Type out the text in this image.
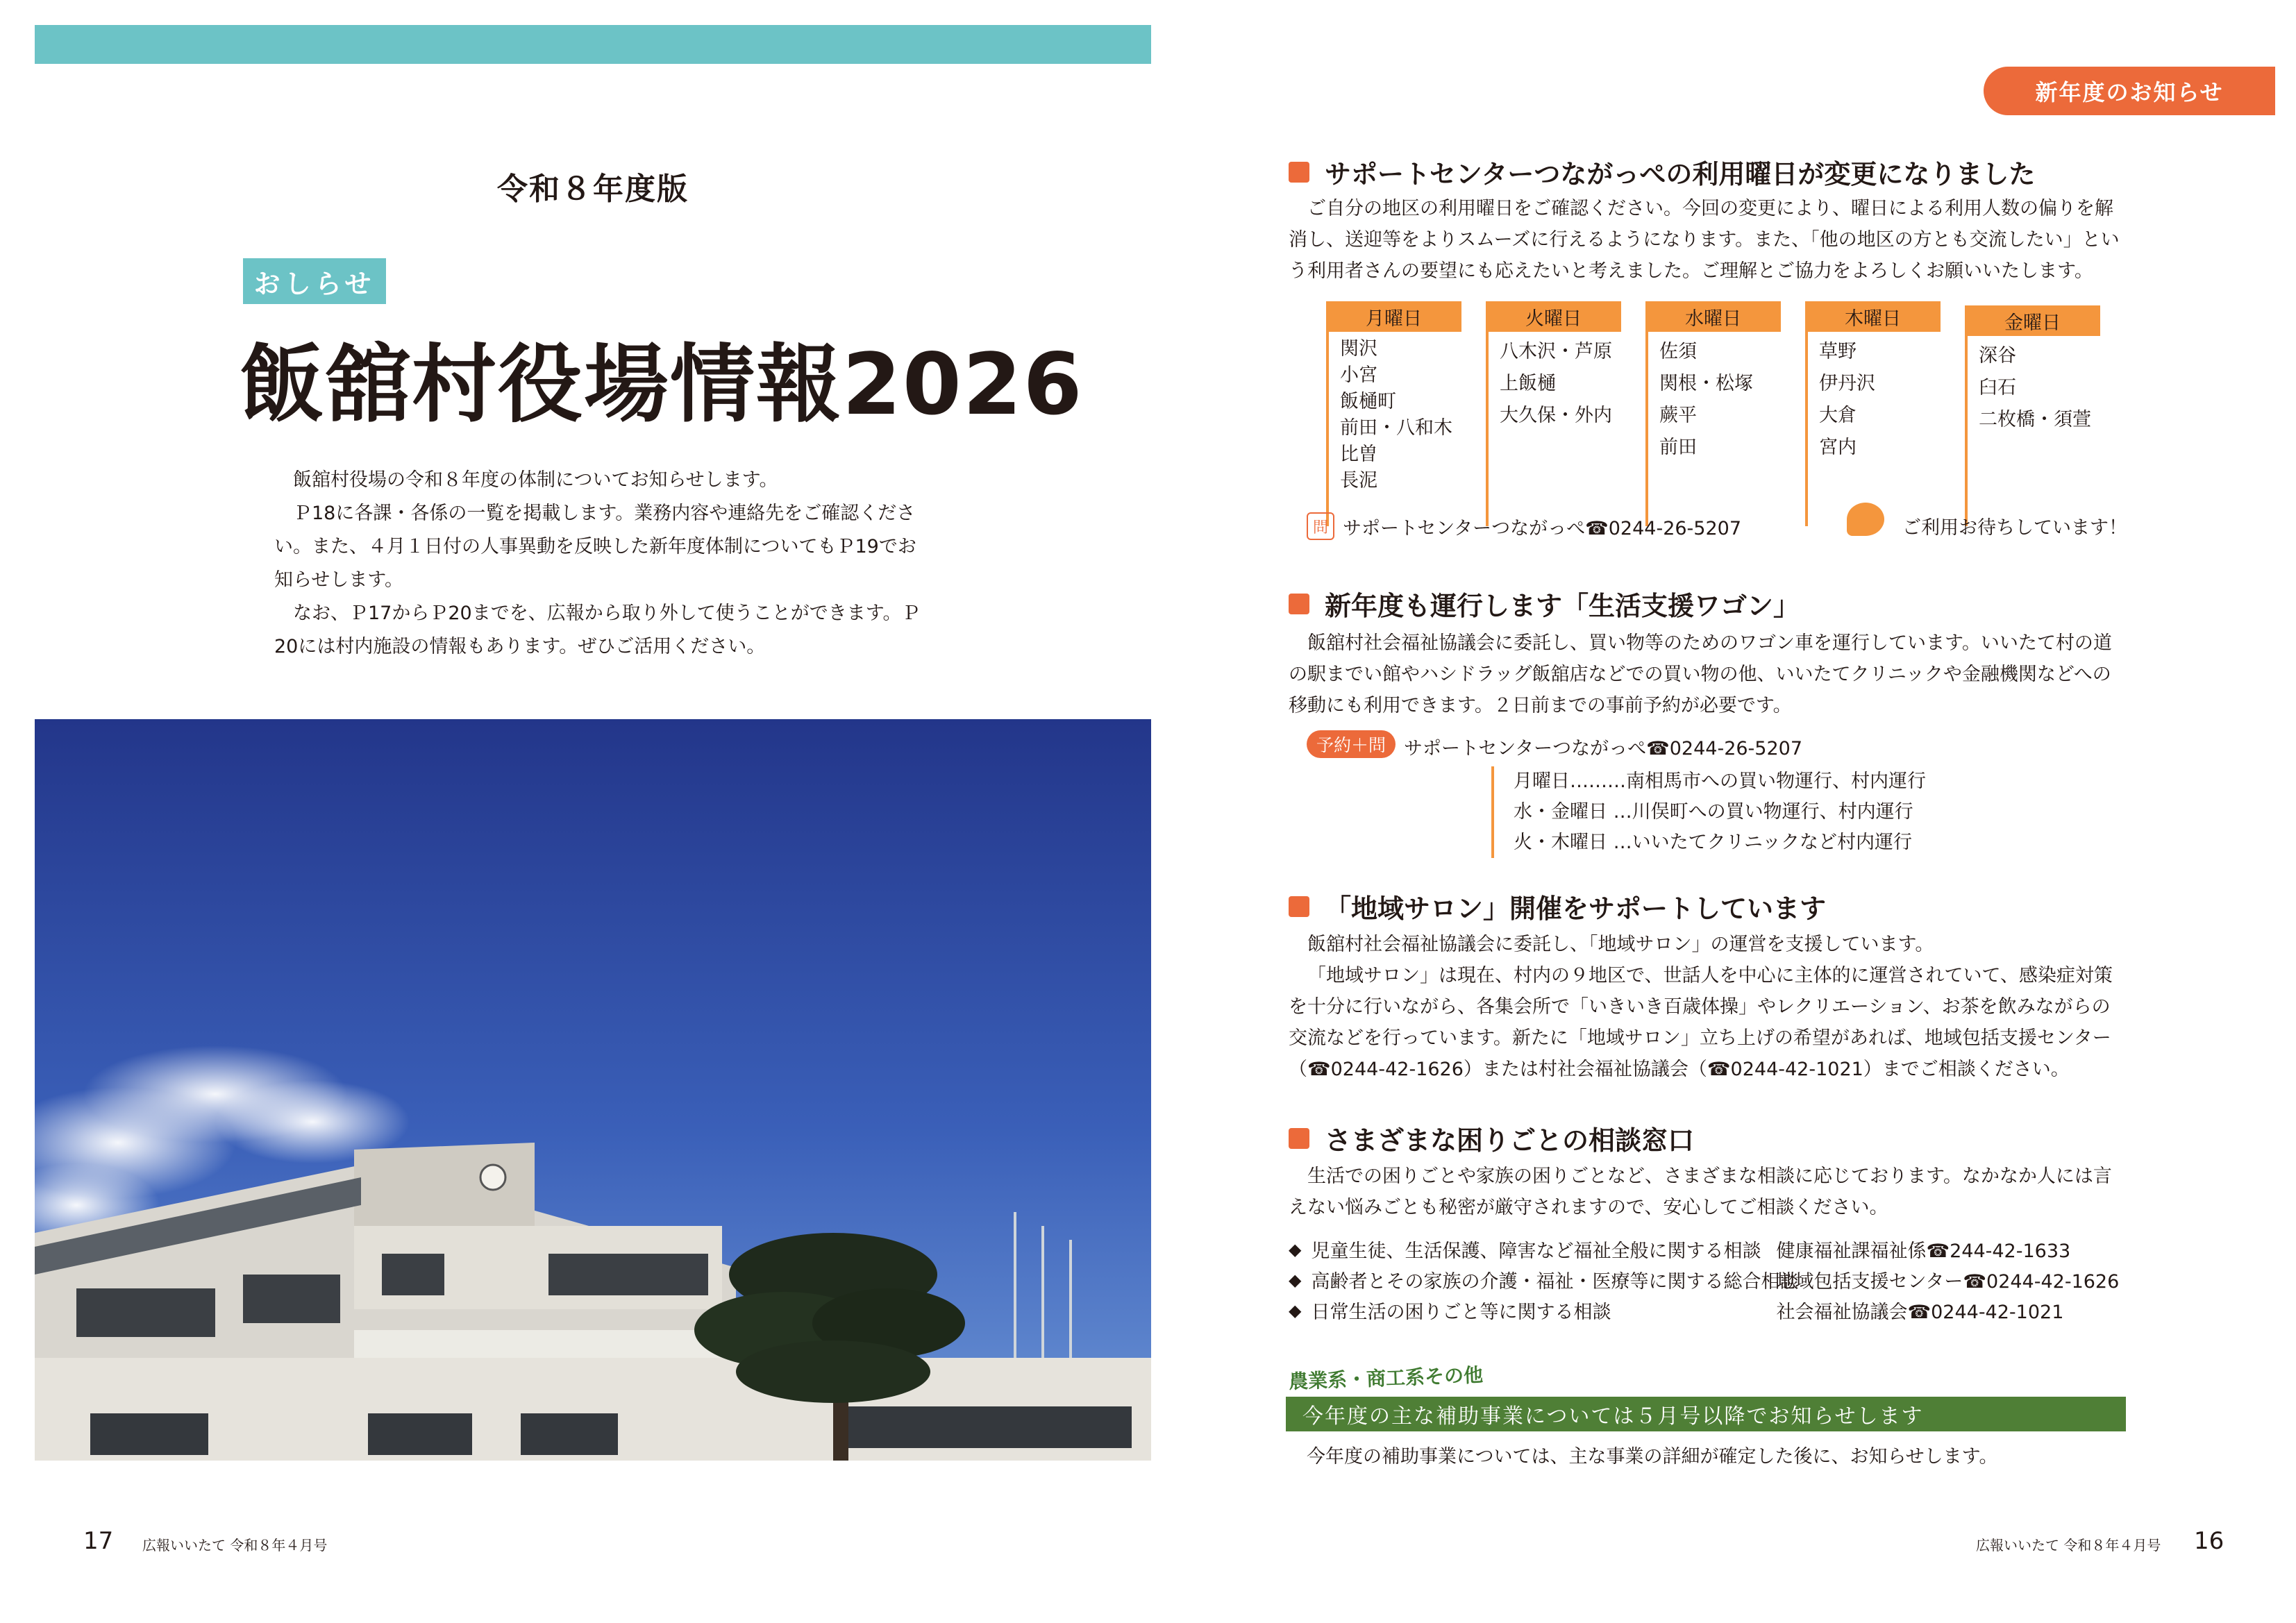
令和８年度版
おしらせ
飯舘村役場情報2026

飯舘村役場の令和８年度の体制についてお知らせします。

Ｐ18に各課・各係の一覧を掲載します。業務内容や連絡先をご確認ください。また、４月１日付の人事異動を反映した新年度体制についてもＰ19でお知らせします。

なお、Ｐ17からＰ20までを、広報から取り外して使うことができます。Ｐ20には村内施設の情報もあります。ぜひご活用ください。

17 広報いいたて 令和８年４月号
新年度のお知らせ
サポートセンターつながっぺの利用曜日が変更になりました

ご自分の地区の利用曜日をご確認ください。今回の変更により、曜日による利用人数の偏りを解消し、送迎等をよりスムーズに行えるようになります。また、「他の地区の方とも交流したい」という利用者さんの要望にも応えたいと考えました。ご理解とご協力をよろしくお願いいたします。

月曜日
関沢
小宮
飯樋町
前田・八和木
比曽
長泥
火曜日
八木沢・芦原
上飯樋
大久保・外内
水曜日
佐須
関根・松塚
蕨平
前田
木曜日
草野
伊丹沢
大倉
宮内
金曜日
深谷
臼石
二枚橋・須萱
問 サポートセンターつながっぺ☎0244-26-5207	ご利用お待ちしています！
新年度も運行します「生活支援ワゴン」

飯舘村社会福祉協議会に委託し、買い物等のためのワゴン車を運行しています。いいたて村の道の駅までい館やハシドラッグ飯舘店などでの買い物の他、いいたてクリニックや金融機関などへの移動にも利用できます。２日前までの事前予約が必要です。

予約＋問 サポートセンターつながっぺ☎0244-26-5207
月曜日………南相馬市への買い物運行、村内運行
水・金曜日 …川俣町への買い物運行、村内運行
火・木曜日 …いいたてクリニックなど村内運行
「地域サロン」開催をサポートしています

飯舘村社会福祉協議会に委託し、「地域サロン」の運営を支援しています。

「地域サロン」は現在、村内の９地区で、世話人を中心に主体的に運営されていて、感染症対策を十分に行いながら、各集会所で「いきいき百歳体操」やレクリエーション、お茶を飲みながらの交流などを行っています。新たに「地域サロン」立ち上げの希望があれば、地域包括支援センター（☎0244-42-1626）または村社会福祉協議会（☎0244-42-1021）までご相談ください。

さまざまな困りごとの相談窓口

生活での困りごとや家族の困りごとなど、さまざまな相談に応じております。なかなか人には言えない悩みごとも秘密が厳守されますので、安心してご相談ください。

◆ 児童生徒、生活保護、障害など福祉全般に関する相談 健康福祉課福祉係☎244-42-1633
◆ 高齢者とその家族の介護・福祉・医療等に関する総合相談
地域包括支援センター☎0244-42-1626
◆ 日常生活の困りごと等に関する相談	社会福祉協議会☎0244-42-1021
農業系・商工系その他
今年度の主な補助事業については５月号以降でお知らせします
今年度の補助事業については、主な事業の詳細が確定した後に、お知らせします。
広報いいたて 令和８年４月号 16
